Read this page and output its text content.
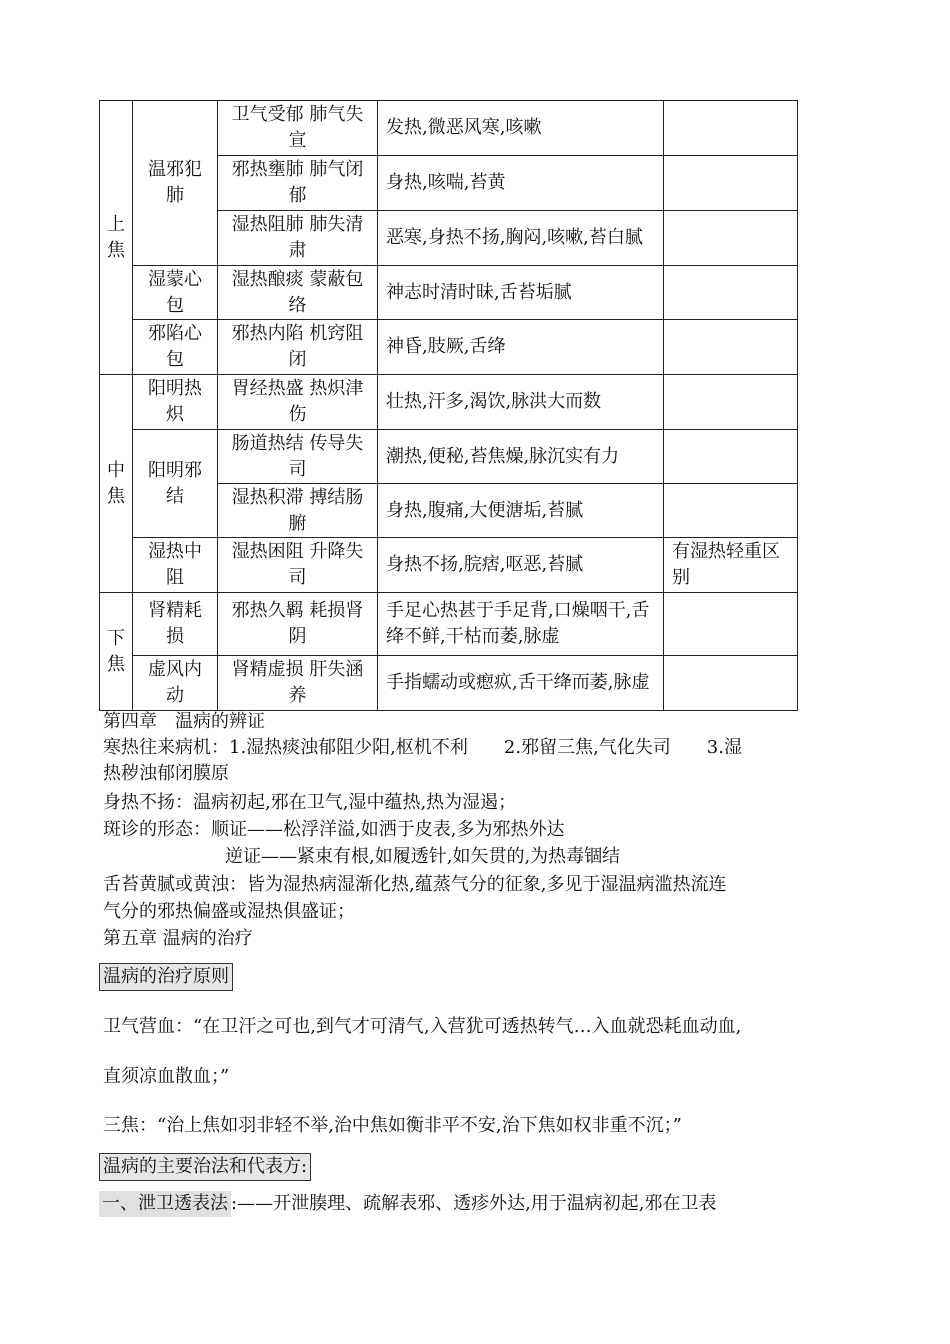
上焦	温邪犯肺	卫气受郁 肺气失宣	发热,微恶风寒,咳嗽	
		邪热壅肺 肺气闭郁	身热,咳喘,苔黄	
		湿热阻肺 肺失清肃	恶寒,身热不扬,胸闷,咳嗽,苔白腻	
	湿蒙心包	湿热酿痰 蒙蔽包络	神志时清时昧,舌苔垢腻	
	邪陷心包	邪热内陷 机窍阻闭	神昏,肢厥,舌绛	
中焦	阳明热炽	胃经热盛 热炽津伤	壮热,汗多,渴饮,脉洪大而数	
	阳明邪结	肠道热结 传导失司	潮热,便秘,苔焦燥,脉沉实有力	
		湿热积滞 搏结肠腑	身热,腹痛,大便溏垢,苔腻	
	湿热中阻	湿热困阻 升降失司	身热不扬,脘痞,呕恶,苔腻	有湿热轻重区别
下焦	肾精耗损	邪热久羁 耗损肾阴	手足心热甚于手足背,口燥咽干,舌绛不鲜,干枯而萎,脉虚	
	虚风内动	肾精虚损 肝失涵养	手指蠕动或瘛疭,舌干绛而萎,脉虚	
第四章　温病的辨证
寒热往来病机：1.湿热痰浊郁阻少阳,枢机不利　　2.邪留三焦,气化失司　　3.湿
热秽浊郁闭膜原
身热不扬：温病初起,邪在卫气,湿中蕴热,热为湿遏；
斑诊的形态：顺证——松浮洋溢,如洒于皮表,多为邪热外达
逆证——紧束有根,如履透针,如矢贯的,为热毒锢结
舌苔黄腻或黄浊：皆为湿热病湿渐化热,蕴蒸气分的征象,多见于湿温病滥热流连
气分的邪热偏盛或湿热俱盛证；
第五章 温病的治疗
温病的治疗原则
卫气营血：“在卫汗之可也,到气才可清气,入营犹可透热转气…入血就恐耗血动血,
直须凉血散血；”
三焦：“治上焦如羽非轻不举,治中焦如衡非平不安,治下焦如权非重不沉；”
温病的主要治法和代表方:
一、泄卫透表法 :——开泄腠理、疏解表邪、透疹外达,用于温病初起,邪在卫表
